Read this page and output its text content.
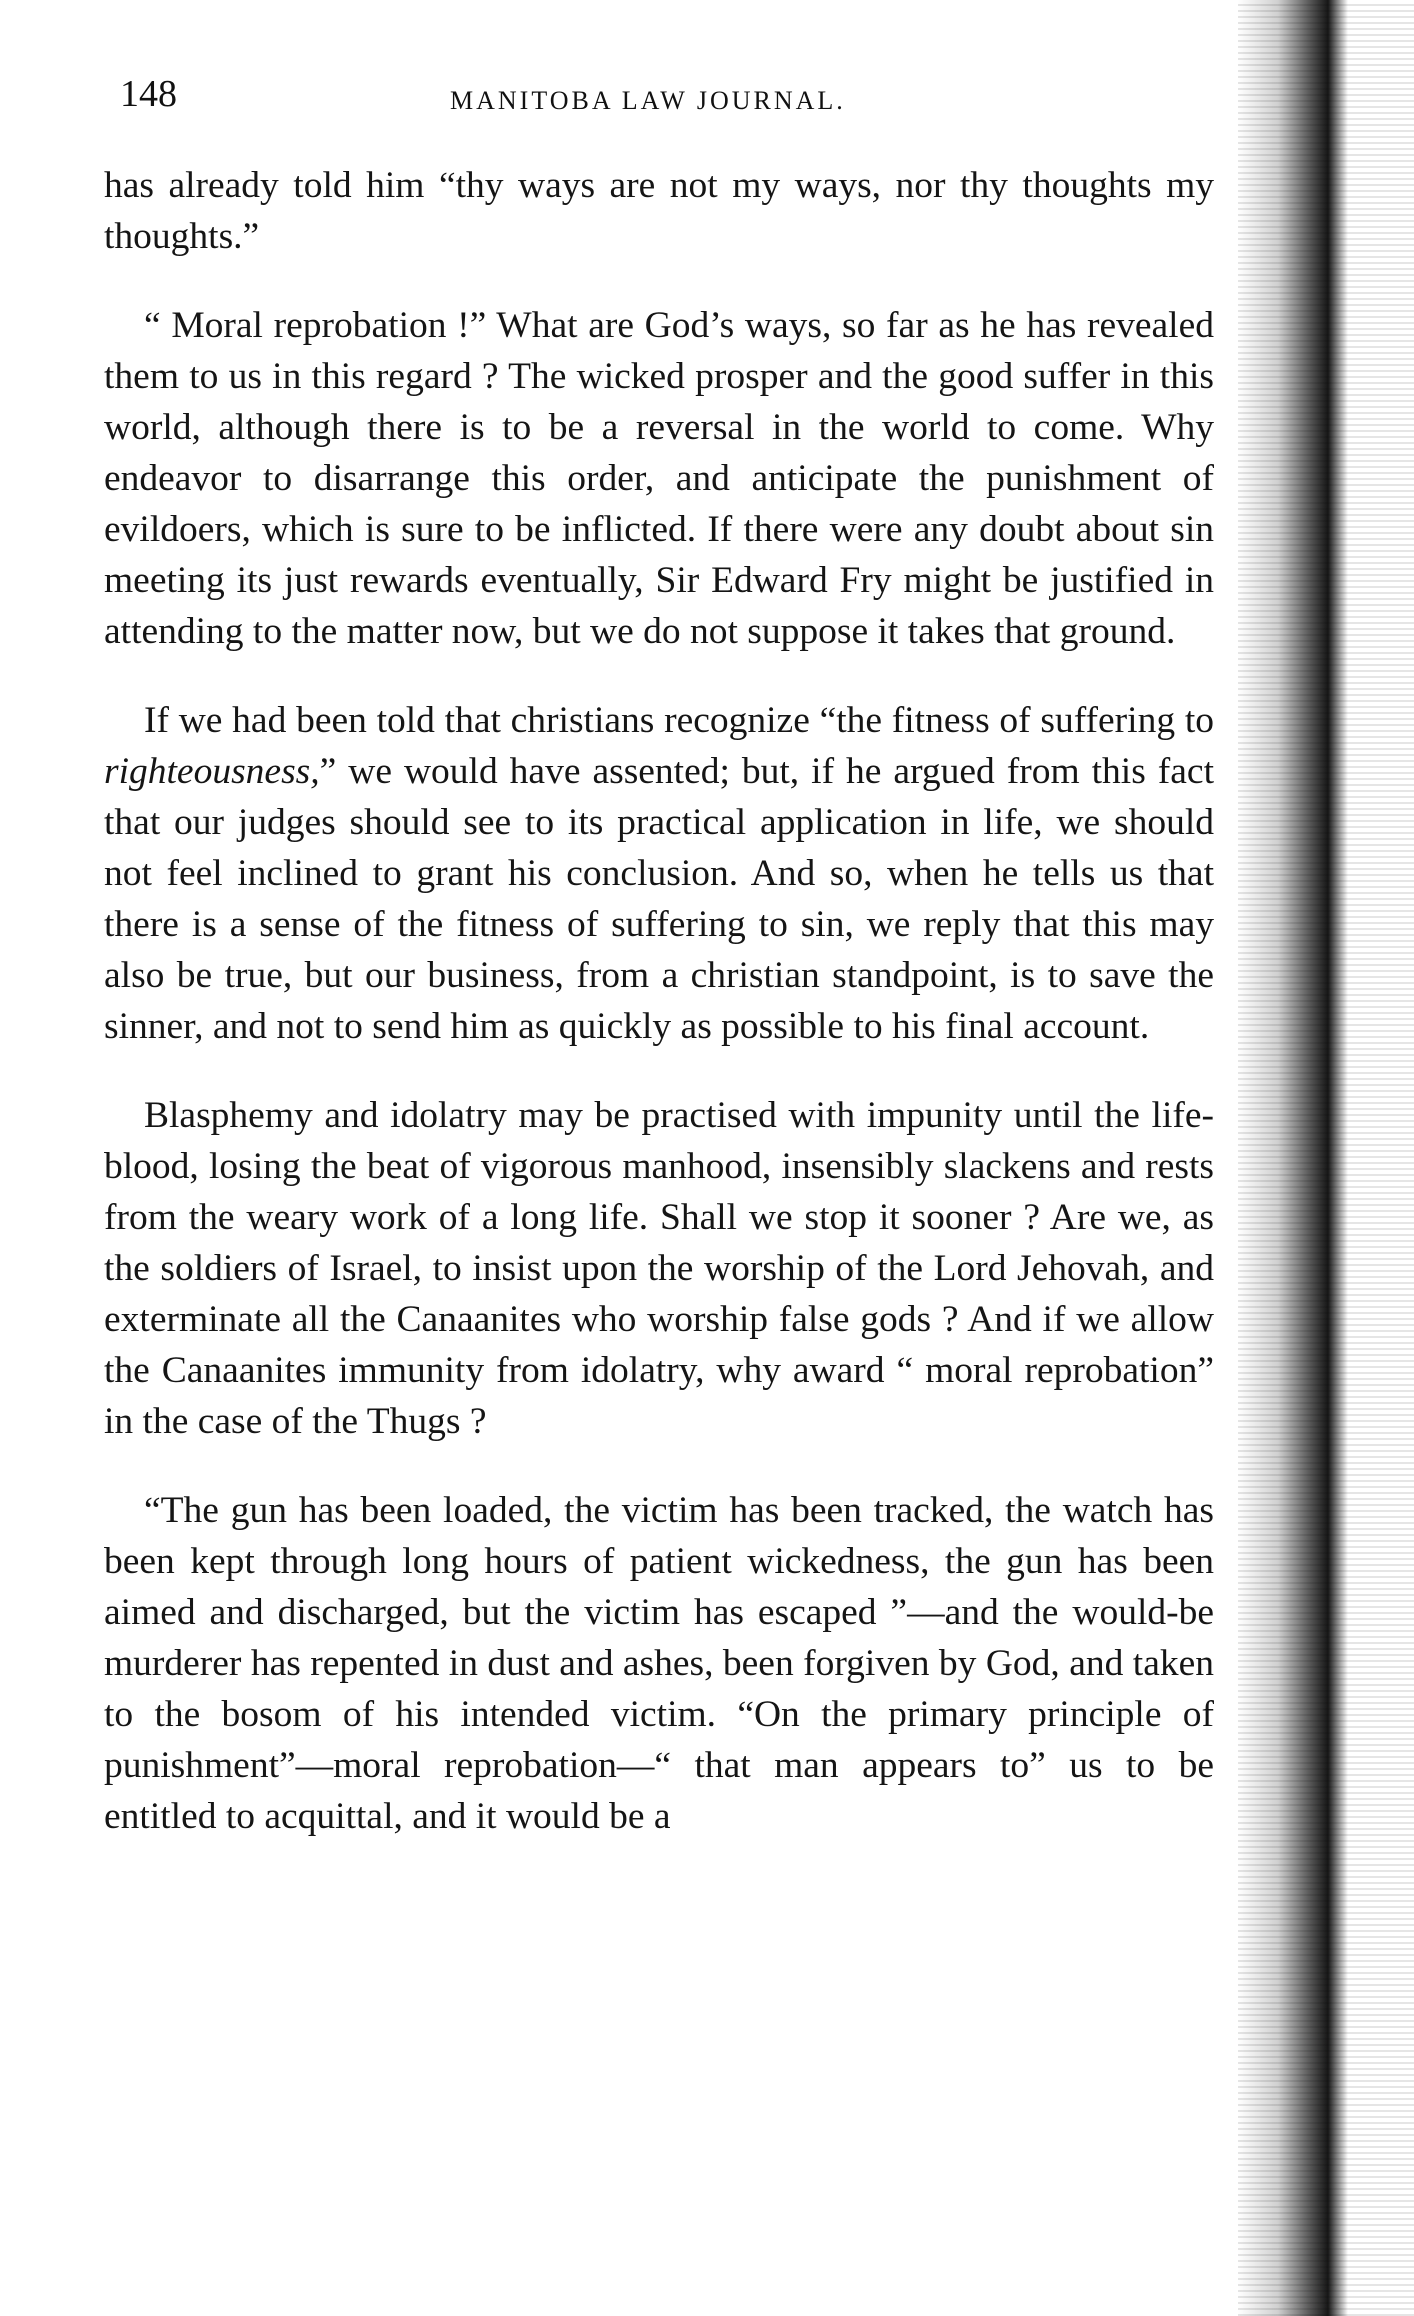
148	MANITOBA LAW JOURNAL.

has already told him “thy ways are not my ways, nor thy thoughts my thoughts.”

“ Moral reprobation !” What are God’s ways, so far as he has revealed them to us in this regard ? The wicked prosper and the good suffer in this world, although there is to be a reversal in the world to come. Why endeavor to disarrange this order, and anticipate the punishment of evildoers, which is sure to be inflicted. If there were any doubt about sin meeting its just rewards eventually, Sir Edward Fry might be justified in attending to the matter now, but we do not suppose it takes that ground.

If we had been told that christians recognize “the fitness of suffering to righteousness,” we would have assented; but, if he argued from this fact that our judges should see to its practical application in life, we should not feel inclined to grant his conclusion. And so, when he tells us that there is a sense of the fitness of suffering to sin, we reply that this may also be true, but our business, from a christian standpoint, is to save the sinner, and not to send him as quickly as possible to his final account.

Blasphemy and idolatry may be practised with impunity until the life-blood, losing the beat of vigorous manhood, insensibly slackens and rests from the weary work of a long life. Shall we stop it sooner ? Are we, as the soldiers of Israel, to insist upon the worship of the Lord Jehovah, and exterminate all the Canaanites who worship false gods ? And if we allow the Canaanites immunity from idolatry, why award “ moral reprobation” in the case of the Thugs ?

“The gun has been loaded, the victim has been tracked, the watch has been kept through long hours of patient wickedness, the gun has been aimed and discharged, but the victim has escaped ”—and the would-be murderer has repented in dust and ashes, been forgiven by God, and taken to the bosom of his intended victim. “On the primary principle of punishment”—moral reprobation—“ that man appears to” us to be entitled to acquittal, and it would be a
